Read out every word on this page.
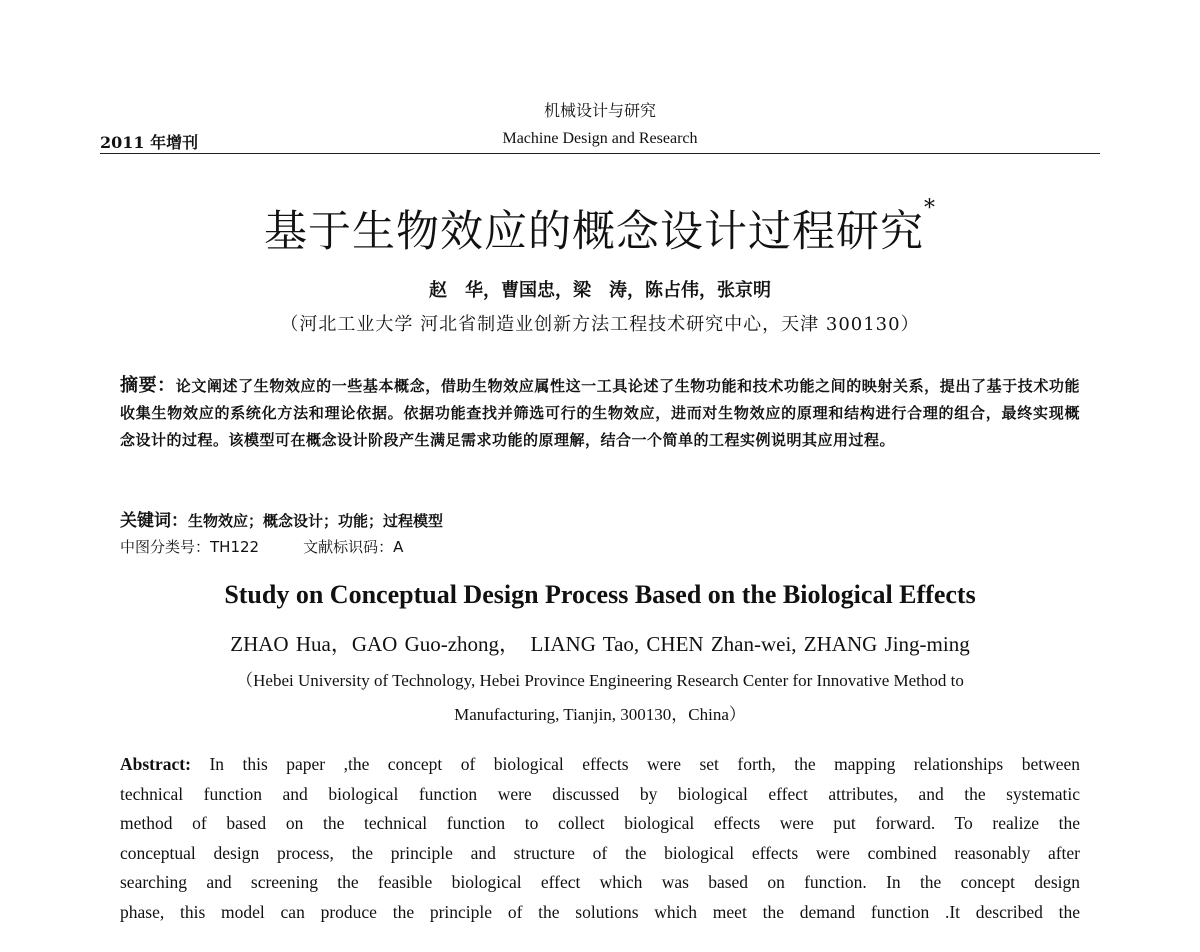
机械设计与研究
2011 年增刊	Machine Design and Research
基于生物效应的概念设计过程研究*
赵　华，曹国忠，梁　涛，陈占伟，张京明
（河北工业大学 河北省制造业创新方法工程技术研究中心，天津 300130）
摘要：论文阐述了生物效应的一些基本概念，借助生物效应属性这一工具论述了生物功能和技术功能之间的映射关系，提出了基于技术功能收集生物效应的系统化方法和理论依据。依据功能查找并筛选可行的生物效应，进而对生物效应的原理和结构进行合理的组合，最终实现概念设计的过程。该模型可在概念设计阶段产生满足需求功能的原理解，结合一个简单的工程实例说明其应用过程。
关键词：生物效应；概念设计；功能；过程模型
中图分类号：TH122	文献标识码：A
Study on Conceptual Design Process Based on the Biological Effects
ZHAO Hua，GAO Guo-zhong，　LIANG Tao, CHEN Zhan-wei, ZHANG Jing-ming
（Hebei University of Technology, Hebei Province Engineering Research Center for Innovative Method to
Manufacturing, Tianjin, 300130，China）
Abstract: In this paper ,the concept of biological effects were set forth, the mapping relationships between
technical function and biological function were discussed by biological effect attributes, and the systematic
method of based on the technical function to collect biological effects were put forward. To realize the
conceptual design process, the principle and structure of the biological effects were combined reasonably after
searching and screening the feasible biological effect which was based on function. In the concept design
phase, this model can produce the principle of the solutions which meet the demand function .It described the
